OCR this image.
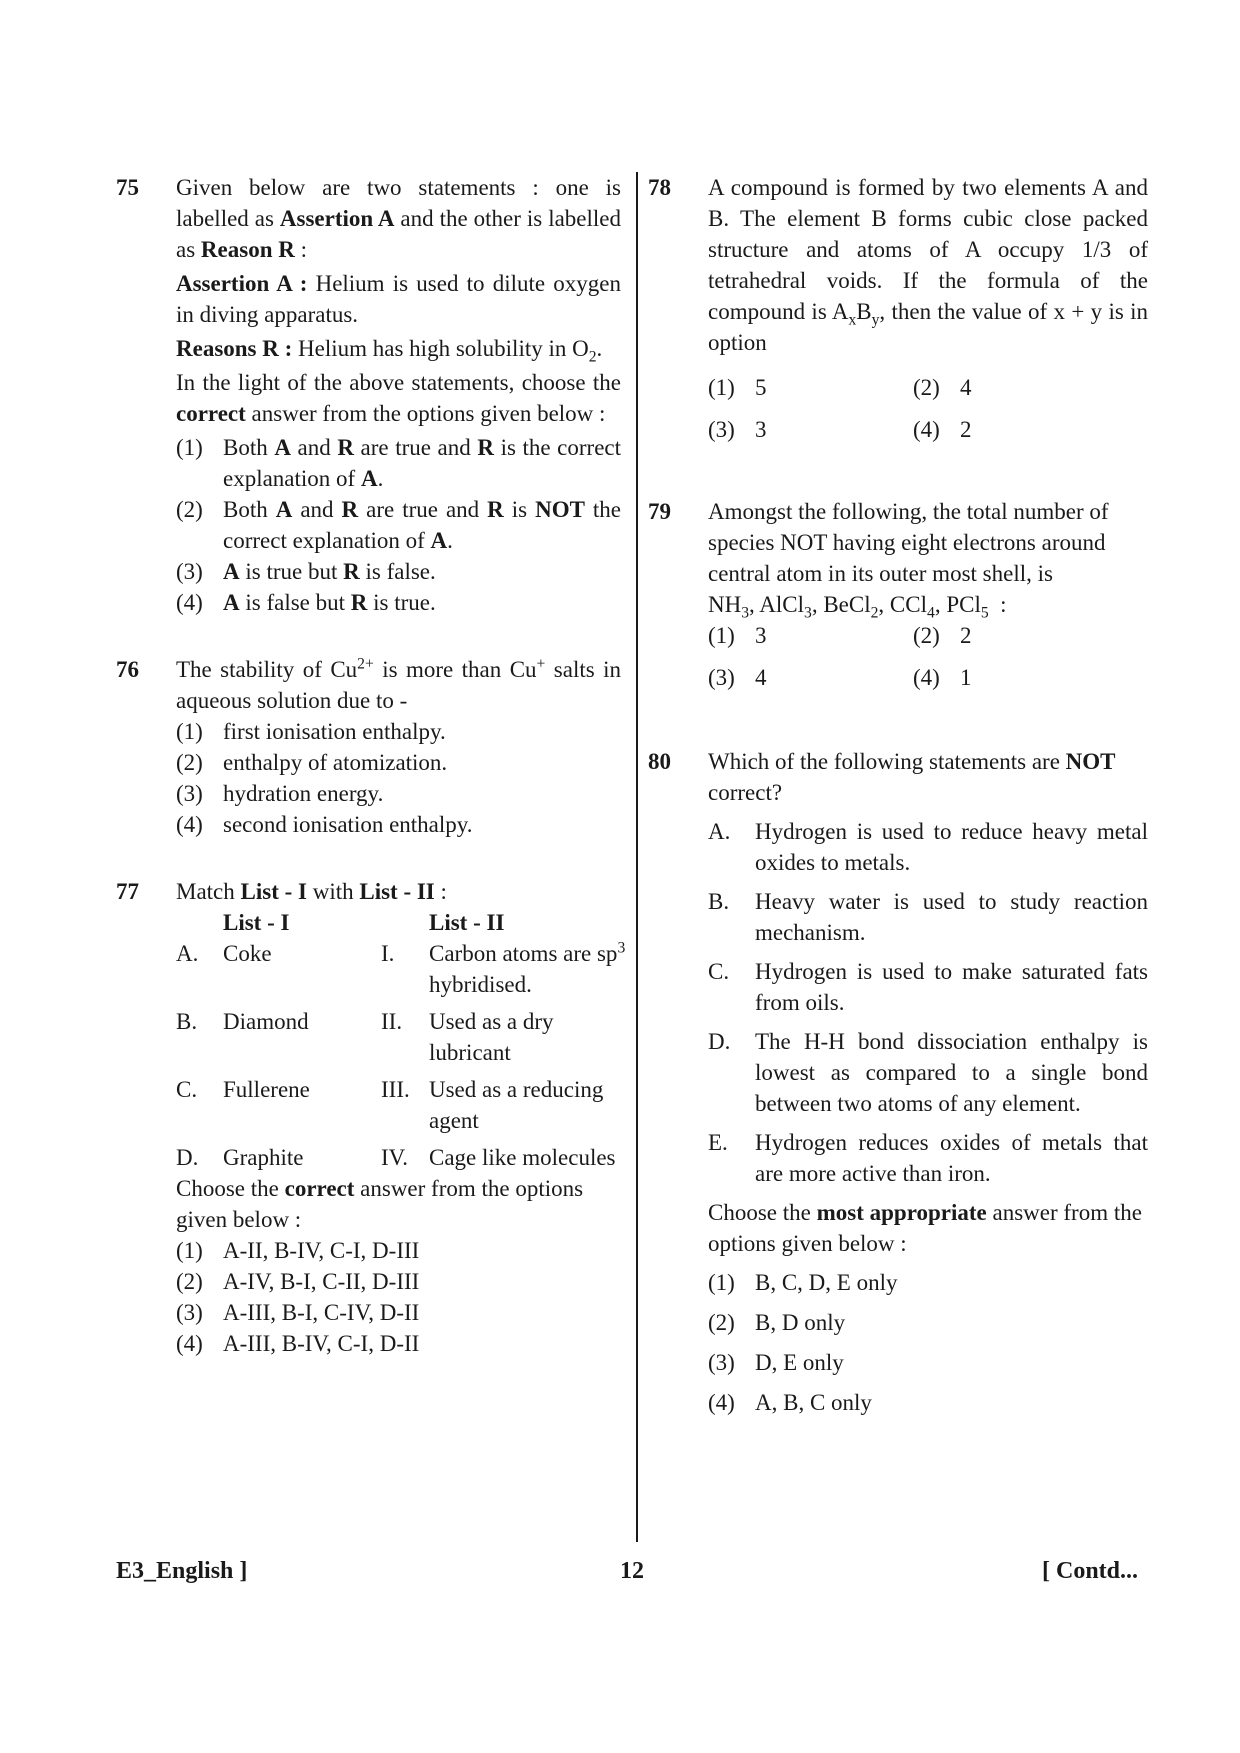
75	Given below are two statements : one is labelled as Assertion A and the other is labelled as Reason R :

Assertion A : Helium is used to dilute oxygen in diving apparatus.

Reasons R : Helium has high solubility in $O_2$.

In the light of the above statements, choose the correct answer from the options given below :

(1) Both A and R are true and R is the correct explanation of A.

(2) Both A and R are true and R is NOT the correct explanation of A.

(3) A is true but R is false.

(4) A is false but R is true.

76	The stability of $Cu^{2+}$ is more than Cu+ salts in aqueous solution due to -

(1) first ionisation enthalpy.

(2) enthalpy of atomization.

(3) hydration energy.

(4) second ionisation enthalpy.

77	Match List - I with List - II :

List - I	List - II
A.	Coke	I.	Carbon atoms are $sp^3$ hybridised.
B.	Diamond	II.	Used as a dry lubricant
C.	Fullerene	III. Used as a reducing agent
D.	Graphite	IV. Cage like molecules

Choose the correct answer from the options given below :

(1) A-II, B-IV, C-I, D-III

(2) A-IV, B-I, C-II, D-III

(3) A-III, B-I, C-IV, D-II

(4) A-III, B-IV, C-I, D-II

78	A compound is formed by two elements A and B. The element B forms cubic close packed structure and atoms of A occupy 1/3 of tetrahedral voids. If the formula of the compound is $A_xB_y$, then the value of x + y is in option

(1) 5	(2) 4

(3) 3	(4) 2

79	Amongst the following, the total number of species NOT having eight electrons around central atom in its outer most shell, is

$NH_3$, AlCl$_3$, BeCl$_2$, CCl$_4$, PCl$_5$  :

(1) 3	(2) 2

(3) 4	(4) 1

80	Which of the following statements are NOT correct?

A. Hydrogen is used to reduce heavy metal oxides to metals.

B. Heavy water is used to study reaction mechanism.

C. Hydrogen is used to make saturated fats from oils.

D. The H-H bond dissociation enthalpy is lowest as compared to a single bond between two atoms of any element.

E. Hydrogen reduces oxides of metals that are more active than iron.

Choose the most appropriate answer from the options given below :

(1) B, C, D, E only

(2) B, D only

(3) D, E only

(4) A, B, C only

E3_English ]	12	[ Contd...
